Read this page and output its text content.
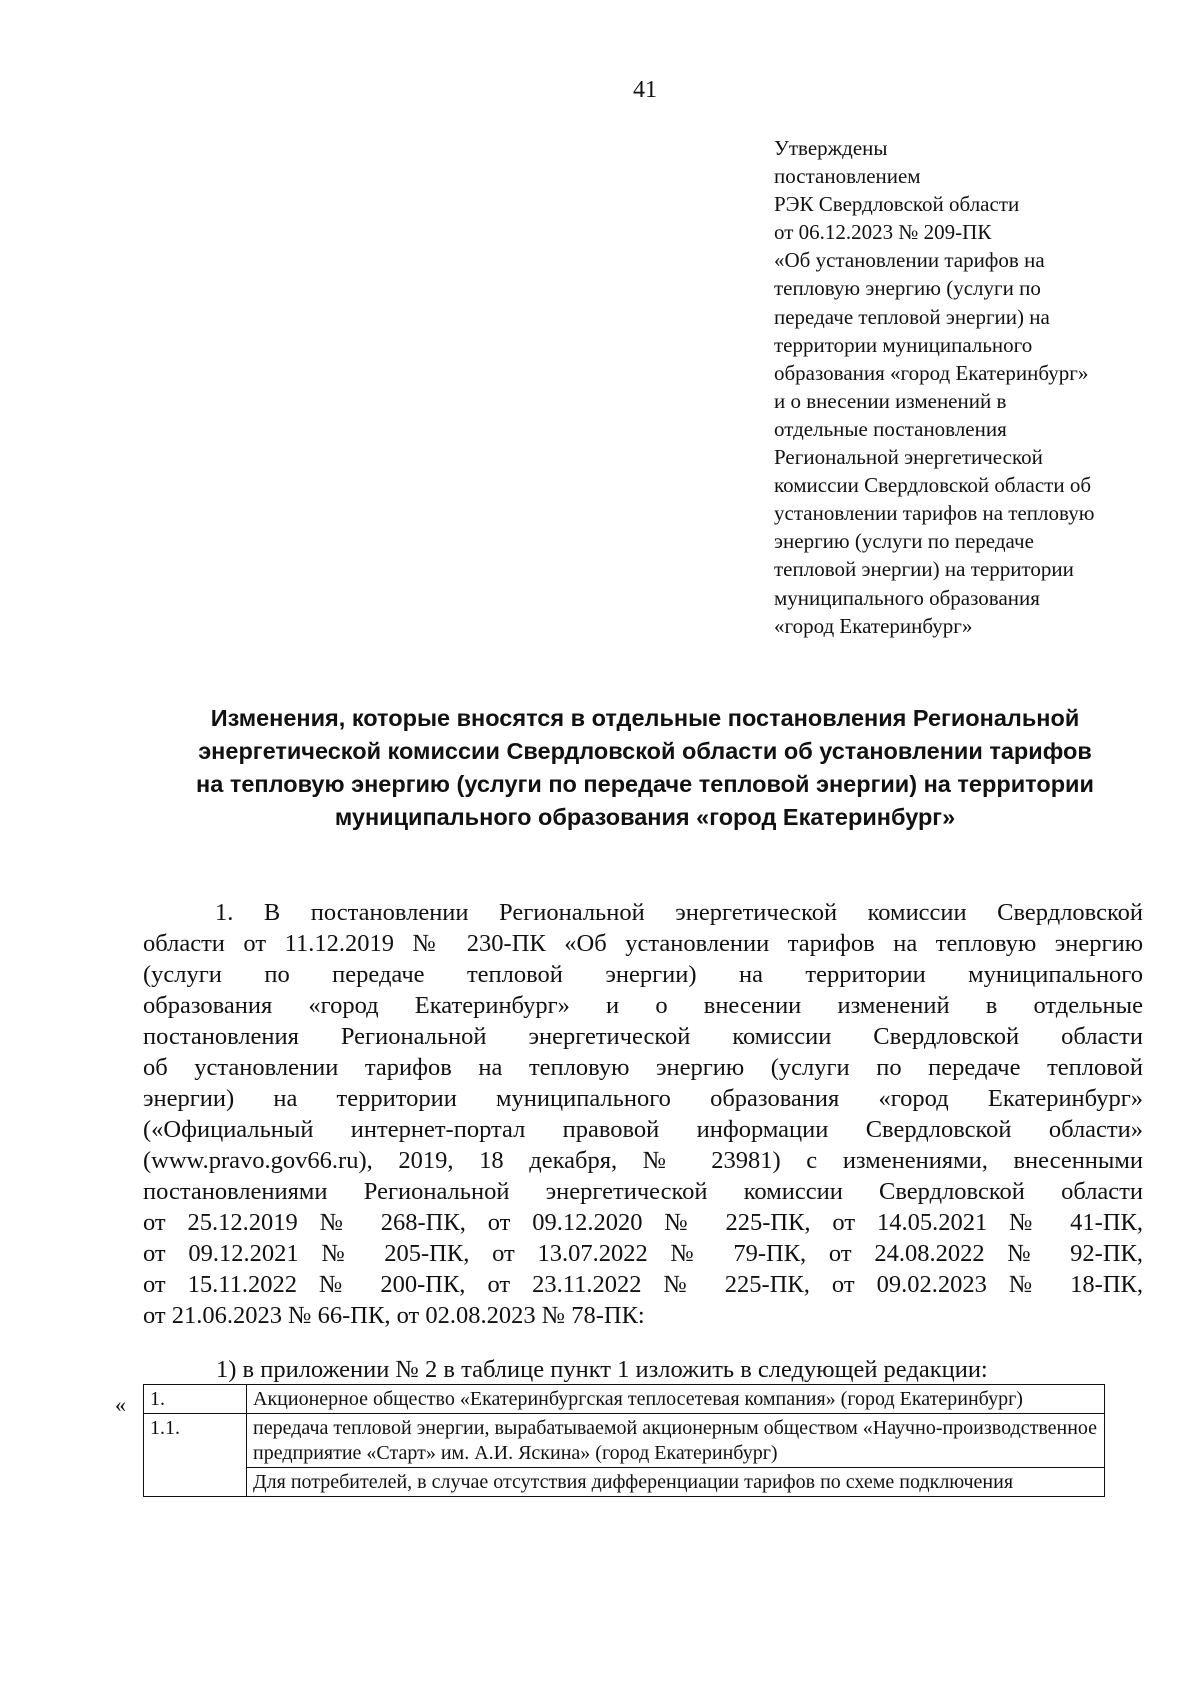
41
Утверждены
постановлением
РЭК Свердловской области
от 06.12.2023 № 209-ПК
«Об установлении тарифов на
тепловую энергию (услуги по
передаче тепловой энергии) на
территории муниципального
образования «город Екатеринбург»
и о внесении изменений в
отдельные постановления
Региональной энергетической
комиссии Свердловской области об
установлении тарифов на тепловую
энергию (услуги по передаче
тепловой энергии) на территории
муниципального образования
«город Екатеринбург»
Изменения, которые вносятся в отдельные постановления Региональной
энергетической комиссии Свердловской области об установлении тарифов
на тепловую энергию (услуги по передаче тепловой энергии) на территории
муниципального образования «город Екатеринбург»
1. В постановлении Региональной энергетической комиссии Свердловской
области от 11.12.2019 № 230-ПК «Об установлении тарифов на тепловую энергию
(услуги по передаче тепловой энергии) на территории муниципального
образования «город Екатеринбург» и о внесении изменений в отдельные
постановления Региональной энергетической комиссии Свердловской области
об установлении тарифов на тепловую энергию (услуги по передаче тепловой
энергии) на территории муниципального образования «город Екатеринбург»
(«Официальный интернет-портал правовой информации Свердловской области»
(www.pravo.gov66.ru), 2019, 18 декабря, № 23981) с изменениями, внесенными
постановлениями Региональной энергетической комиссии Свердловской области
от 25.12.2019 № 268-ПК, от 09.12.2020 № 225-ПК, от 14.05.2021 № 41-ПК,
от 09.12.2021 № 205-ПК, от 13.07.2022 № 79-ПК, от 24.08.2022 № 92-ПК,
от 15.11.2022 № 200-ПК, от 23.11.2022 № 225-ПК, от 09.02.2023 № 18-ПК,
от 21.06.2023 № 66-ПК, от 02.08.2023 № 78-ПК:
1) в приложении № 2 в таблице пункт 1 изложить в следующей редакции:
« 1.	Акционерное общество «Екатеринбургская теплосетевая компания» (город Екатеринбург)
1.1.	передача тепловой энергии, вырабатываемой акционерным обществом «Научно-производственное предприятие «Старт» им. А.И. Яскина» (город Екатеринбург)
	Для потребителей, в случае отсутствия дифференциации тарифов по схеме подключения
